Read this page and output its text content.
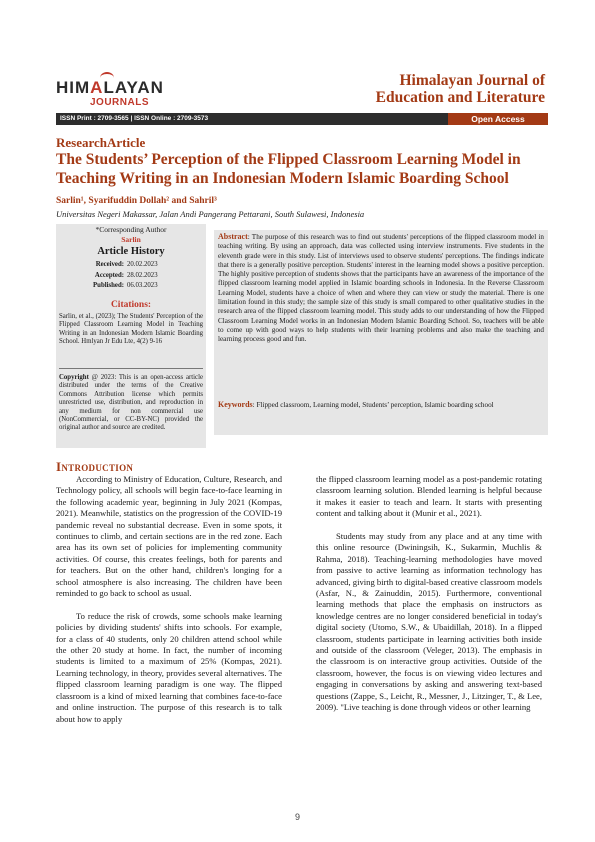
HIMALAYAN
JOURNALS
Himalayan Journal of
Education and Literature
ISSN Print : 2709-3565 | ISSN Online : 2709-3573	Open Access
ResearchArticle
The Students’ Perception of the Flipped Classroom Learning Model in Teaching Writing in an Indonesian Modern Islamic Boarding School
Sarlin¹, Syarifuddin Dollah² and Sahril³
Universitas Negeri Makassar, Jalan Andi Pangerang Pettarani, South Sulawesi, Indonesia
*Corresponding Author
Sarlin
Article History
Received: 20.02.2023
Accepted: 28.02.2023
Published: 06.03.2023
Citations:
Sarlin, et al., (2023); The Students' Perception of the Flipped Classroom Learning Model in Teaching Writing in an Indonesian Modern Islamic Boarding School. Hmlyan Jr Edu Lte, 4(2) 9-16
Copyright @ 2023: This is an open-access article distributed under the terms of the Creative Commons Attribution license which permits unrestricted use, distribution, and reproduction in any medium for non commercial use (NonCommercial, or CC-BY-NC) provided the original author and source are credited.
Abstract: The purpose of this research was to find out students' perceptions of the flipped classroom model in teaching writing. By using an approach, data was collected using interview instruments. Five students in the eleventh grade were in this study. List of interviews used to observe students' perceptions. The findings indicate that there is a generally positive perception. Students' interest in the learning model shows a positive perception. The highly positive perception of students shows that the participants have an awareness of the importance of the flipped classroom learning model applied in Islamic boarding schools in Indonesia. In the Reverse Classroom Learning Model, students have a choice of when and where they can view or study the material. There is one limitation found in this study; the sample size of this study is small compared to other qualitative studies in the research area of the flipped classroom learning model. This study adds to our understanding of how the Flipped Classroom Learning Model works in an Indonesian Modern Islamic Boarding School. So, teachers will be able to come up with good ways to help students with their learning problems and also make the teaching and learning process good and fun.
Keywords: Flipped classroom, Learning model, Students’ perception, Islamic boarding school
Introduction

According to Ministry of Education, Culture, Research, and Technology policy, all schools will begin face-to-face learning in the following academic year, beginning in July 2021 (Kompas, 2021). Meanwhile, statistics on the progression of the COVID-19 pandemic reveal no substantial decrease. Even in some spots, it continues to climb, and certain sections are in the red zone. Each area has its own set of policies for implementing community activities. Of course, this creates feelings, both for parents and for teachers. But on the other hand, children's longing for a school atmosphere is also increasing. The children have been reminded to go back to school as usual.

To reduce the risk of crowds, some schools make learning policies by dividing students' shifts into schools. For example, for a class of 40 students, only 20 children attend school while the other 20 study at home. In fact, the number of incoming students is limited to a maximum of 25% (Kompas, 2021). Learning technology, in theory, provides several alternatives. The flipped classroom learning paradigm is one way. The flipped classroom is a kind of mixed learning that combines face-to-face and online instruction. The purpose of this research is to talk about how to apply

the flipped classroom learning model as a post-pandemic rotating classroom learning solution. Blended learning is helpful because it makes it easier to teach and learn. It starts with presenting content and talking about it (Munir et al., 2021).

Students may study from any place and at any time with this online resource (Dwiningsih, K., Sukarmin, Muchlis & Rahma, 2018). Teaching-learning methodologies have moved from passive to active learning as information technology has advanced, giving birth to digital-based creative classroom models (Asfar, N., & Zainuddin, 2015). Furthermore, conventional learning methods that place the emphasis on instructors as knowledge centres are no longer considered beneficial in today's digital society (Utomo, S.W., & Ubaidillah, 2018). In a flipped classroom, students participate in learning activities both inside and outside of the classroom (Veleger, 2013). The emphasis in the classroom is on interactive group activities. Outside of the classroom, however, the focus is on viewing video lectures and engaging in conversations by asking and answering text-based questions (Zappe, S., Leicht, R., Messner, J., Litzinger, T., & Lee, 2009). "Live teaching is done through videos or other learning

9
